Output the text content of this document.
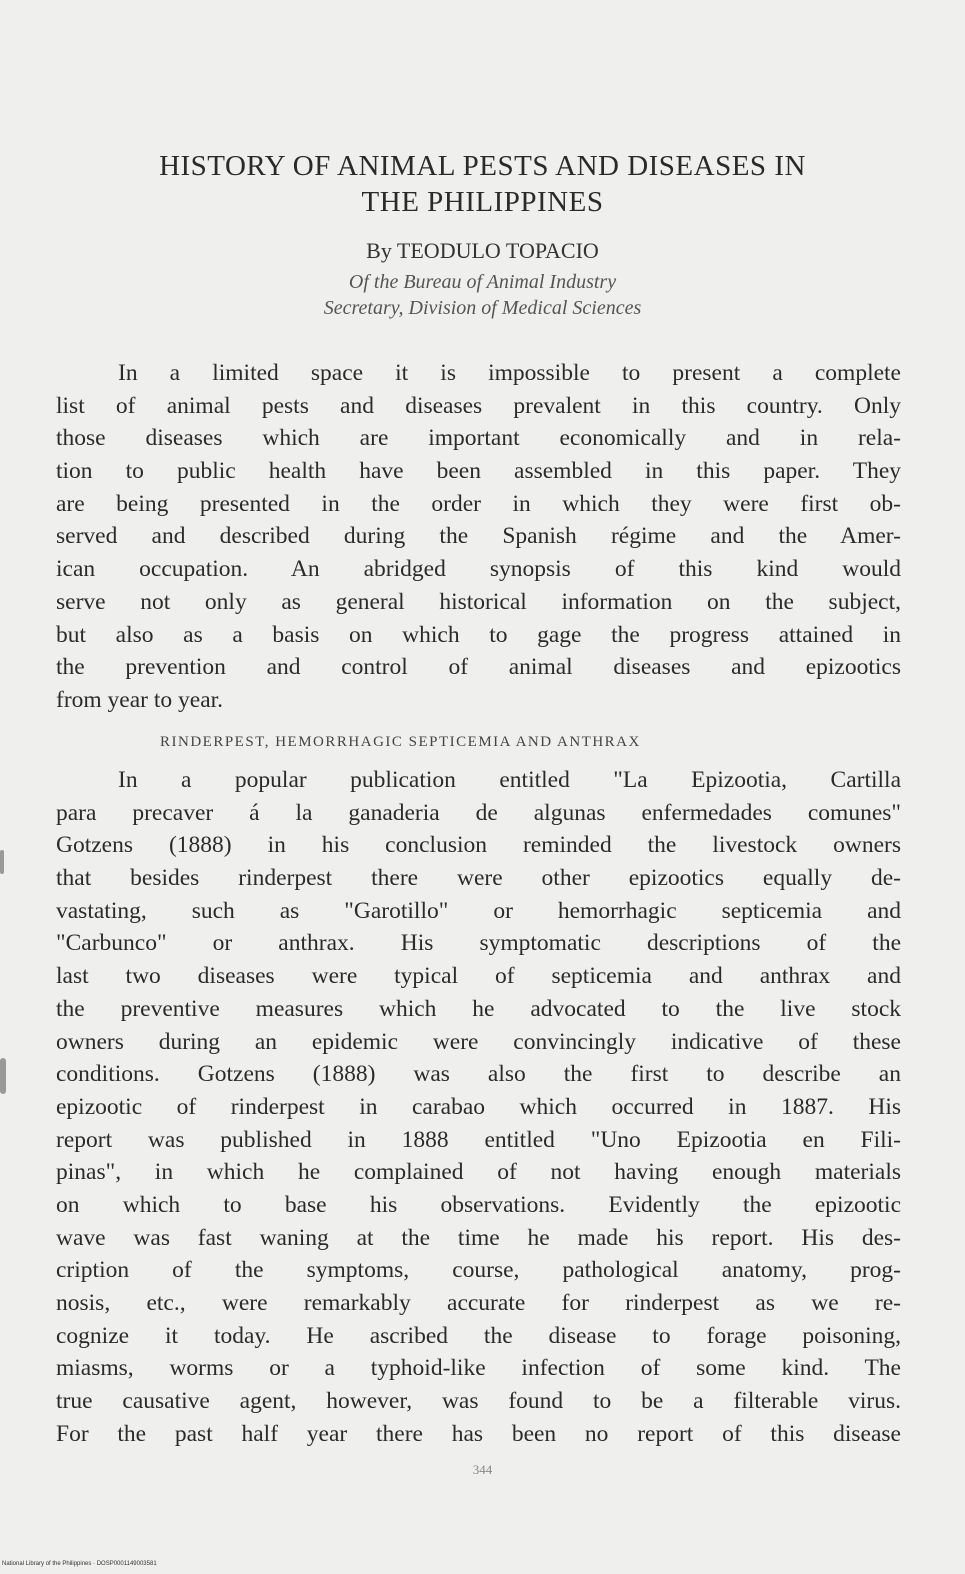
HISTORY OF ANIMAL PESTS AND DISEASES IN
THE PHILIPPINES
By TEODULO TOPACIO
Of the Bureau of Animal Industry
Secretary, Division of Medical Sciences
In a limited space it is impossible to present a complete
list of animal pests and diseases prevalent in this country. Only
those diseases which are important economically and in rela-
tion to public health have been assembled in this paper. They
are being presented in the order in which they were first ob-
served and described during the Spanish régime and the Amer-
ican occupation. An abridged synopsis of this kind would
serve not only as general historical information on the subject,
but also as a basis on which to gage the progress attained in
the prevention and control of animal diseases and epizootics
from year to year.
RINDERPEST, HEMORRHAGIC SEPTICEMIA AND ANTHRAX
In a popular publication entitled "La Epizootia, Cartilla
para precaver á la ganaderia de algunas enfermedades comunes"
Gotzens (1888) in his conclusion reminded the livestock owners
that besides rinderpest there were other epizootics equally de-
vastating, such as "Garotillo" or hemorrhagic septicemia and
"Carbunco" or anthrax. His symptomatic descriptions of the
last two diseases were typical of septicemia and anthrax and
the preventive measures which he advocated to the live stock
owners during an epidemic were convincingly indicative of these
conditions. Gotzens (1888) was also the first to describe an
epizootic of rinderpest in carabao which occurred in 1887. His
report was published in 1888 entitled "Uno Epizootia en Fili-
pinas", in which he complained of not having enough materials
on which to base his observations. Evidently the epizootic
wave was fast waning at the time he made his report. His des-
cription of the symptoms, course, pathological anatomy, prog-
nosis, etc., were remarkably accurate for rinderpest as we re-
cognize it today. He ascribed the disease to forage poisoning,
miasms, worms or a typhoid-like infection of some kind. The
true causative agent, however, was found to be a filterable virus.
For the past half year there has been no report of this disease
344
National Library of the Philippines · DOSP0001149003581
